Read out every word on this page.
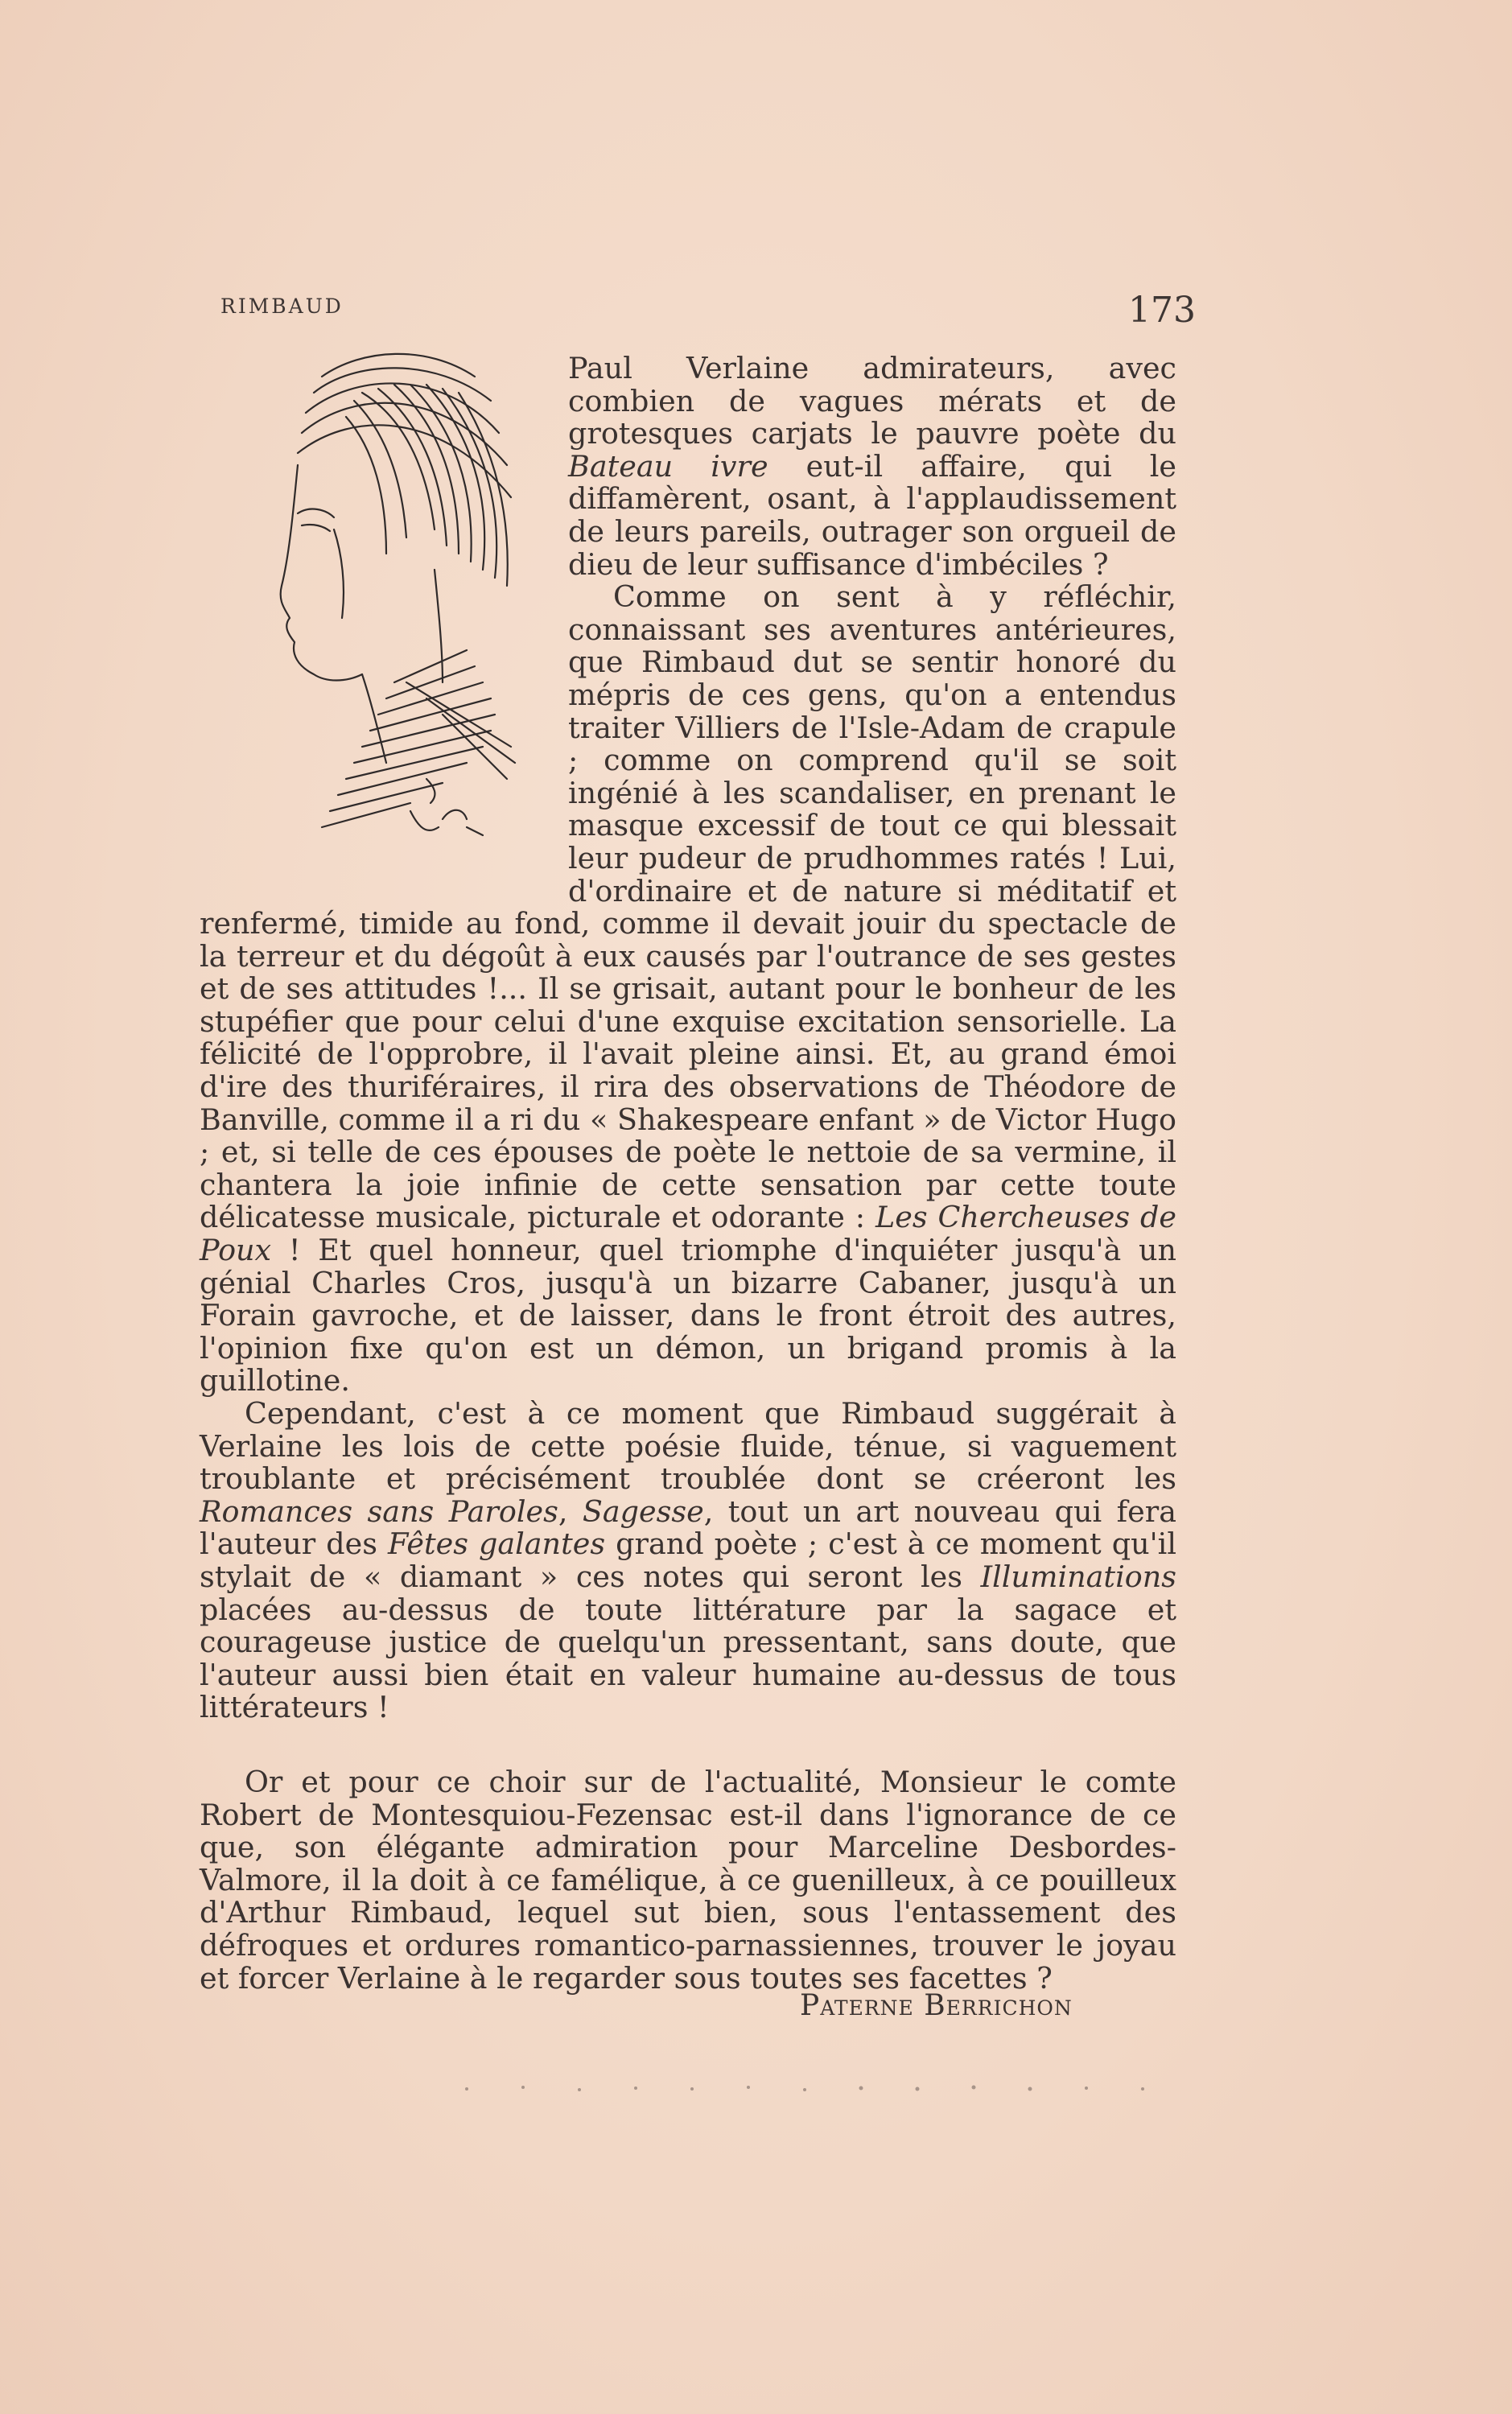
RIMBAUD	173

Paul Verlaine admirateurs, avec combien de vagues mérats et de grotesques carjats le pauvre poète du Bateau ivre eut-il affaire, qui le diffamèrent, osant, à l'applaudissement de leurs pareils, outrager son orgueil de dieu de leur suffisance d'imbéciles ?

Comme on sent à y réfléchir, connaissant ses aventures antérieures, que Rimbaud dut se sentir honoré du mépris de ces gens, qu'on a entendus traiter Villiers de l'Isle-Adam de crapule ; comme on comprend qu'il se soit ingénié à les scandaliser, en prenant le masque excessif de tout ce qui blessait leur pudeur de prudhommes ratés ! Lui, d'ordinaire et de nature si méditatif et renfermé, timide au fond, comme il devait jouir du spectacle de la terreur et du dégoût à eux causés par l'outrance de ses gestes et de ses attitudes !... Il se grisait, autant pour le bonheur de les stupéfier que pour celui d'une exquise excitation sensorielle. La félicité de l'opprobre, il l'avait pleine ainsi. Et, au grand émoi d'ire des thuriféraires, il rira des observations de Théodore de Banville, comme il a ri du « Shakespeare enfant » de Victor Hugo ; et, si telle de ces épouses de poète le nettoie de sa vermine, il chantera la joie infinie de cette sensation par cette toute délicatesse musicale, picturale et odorante : Les Chercheuses de Poux ! Et quel honneur, quel triomphe d'inquiéter jusqu'à un génial Charles Cros, jusqu'à un bizarre Cabaner, jusqu'à un Forain gavroche, et de laisser, dans le front étroit des autres, l'opinion fixe qu'on est un démon, un brigand promis à la guillotine.

Cependant, c'est à ce moment que Rimbaud suggérait à Verlaine les lois de cette poésie fluide, ténue, si vaguement troublante et précisément troublée dont se créeront les Romances sans Paroles, Sagesse, tout un art nouveau qui fera l'auteur des Fêtes galantes grand poète ; c'est à ce moment qu'il stylait de « diamant » ces notes qui seront les Illuminations placées au-dessus de toute littérature par la sagace et courageuse justice de quelqu'un pressentant, sans doute, que l'auteur aussi bien était en valeur humaine au-dessus de tous littérateurs !

Or et pour ce choir sur de l'actualité, Monsieur le comte Robert de Montesquiou-Fezensac est-il dans l'ignorance de ce que, son élégante admiration pour Marceline Desbordes-Valmore, il la doit à ce famélique, à ce guenilleux, à ce pouilleux d'Arthur Rimbaud, lequel sut bien, sous l'entassement des défroques et ordures romantico-parnassiennes, trouver le joyau et forcer Verlaine à le regarder sous toutes ses facettes ?

Paterne Berrichon
